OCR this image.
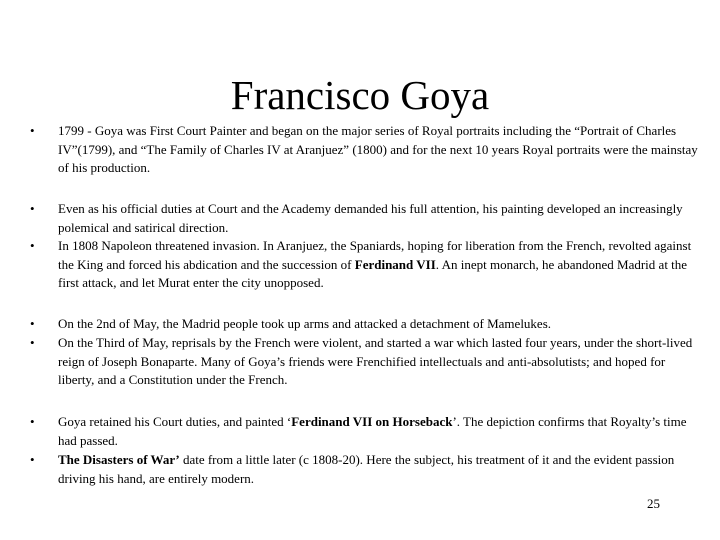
Francisco Goya
• 1799 - Goya was First Court Painter and began on the major series of Royal portraits including the “Portrait of Charles IV”(1799), and “The Family of Charles IV at Aranjuez” (1800) and for the next 10 years Royal portraits were the mainstay of his production.
• Even as his official duties at Court and the Academy demanded his full attention, his painting developed an increasingly polemical and satirical direction.
• In 1808 Napoleon threatened invasion. In Aranjuez, the Spaniards, hoping for liberation from the French, revolted against the King and forced his abdication and the succession of Ferdinand VII. An inept monarch, he abandoned Madrid at the first attack, and let Murat enter the city unopposed.
• On the 2nd of May, the Madrid people took up arms and attacked a detachment of Mamelukes.
• On the Third of May, reprisals by the French were violent, and started a war which lasted four years, under the short-lived reign of Joseph Bonaparte. Many of Goya’s friends were Frenchified intellectuals and anti-absolutists; and hoped for liberty, and a Constitution under the French.
• Goya retained his Court duties, and painted ‘Ferdinand VII on Horseback’. The depiction confirms that Royalty’s time had passed.
• The Disasters of War’ date from a little later (c 1808-20). Here the subject, his treatment of it and the evident passion driving his hand, are entirely modern.
25
